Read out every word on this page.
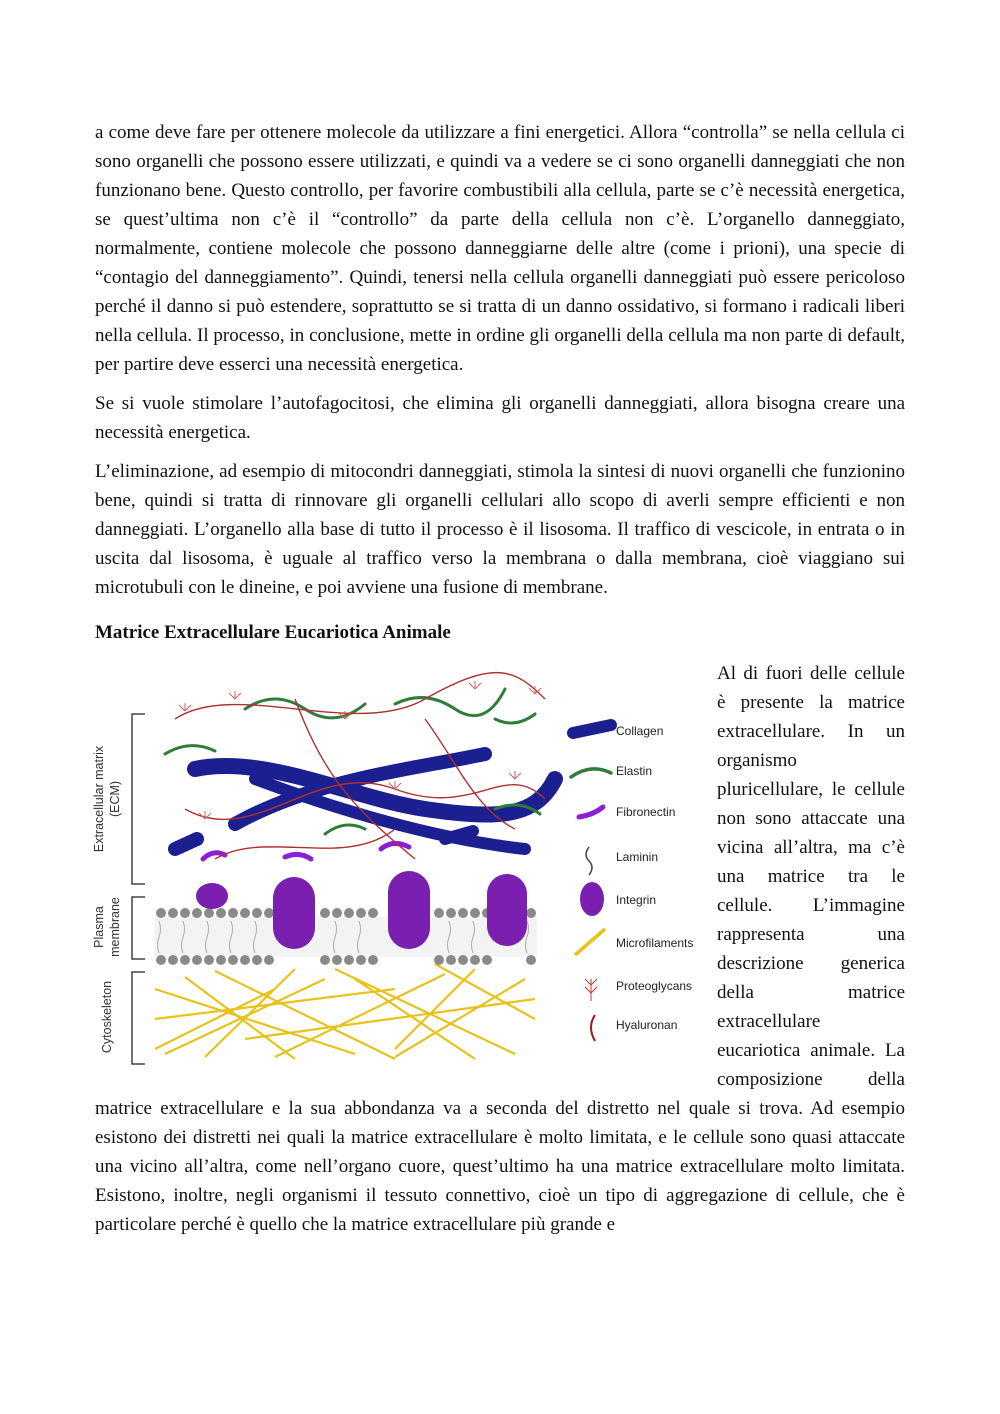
a come deve fare per ottenere molecole da utilizzare a fini energetici. Allora “controlla” se nella cellula ci sono organelli che possono essere utilizzati, e quindi va a vedere se ci sono organelli danneggiati che non funzionano bene. Questo controllo, per favorire combustibili alla cellula, parte se c’è necessità energetica, se quest’ultima non c’è il “controllo” da parte della cellula non c’è. L’organello danneggiato, normalmente, contiene molecole che possono danneggiarne delle altre (come i prioni), una specie di “contagio del danneggiamento”. Quindi, tenersi nella cellula organelli danneggiati può essere pericoloso perché il danno si può estendere, soprattutto se si tratta di un danno ossidativo, si formano i radicali liberi nella cellula. Il processo, in conclusione, mette in ordine gli organelli della cellula ma non parte di default, per partire deve esserci una necessità energetica.

Se si vuole stimolare l’autofagocitosi, che elimina gli organelli danneggiati, allora bisogna creare una necessità energetica.

L’eliminazione, ad esempio di mitocondri danneggiati, stimola la sintesi di nuovi organelli che funzionino bene, quindi si tratta di rinnovare gli organelli cellulari allo scopo di averli sempre efficienti e non danneggiati. L’organello alla base di tutto il processo è il lisosoma. Il traffico di vescicole, in entrata o in uscita dal lisosoma, è uguale al traffico verso la membrana o dalla membrana, cioè viaggiano sui microtubuli con le dineine, e poi avviene una fusione di membrane.

Matrice Extracellulare Eucariotica Animale
Extracellular matrix (ECM)
Plasma membrane
Cytoskeleton
Collagen
Elastin
Fibronectin
Laminin
Integrin
Microfilaments
Proteoglycans
Hyaluronan

Al di fuori delle cellule è presente la matrice extracellulare. In un organismo pluricellulare, le cellule non sono attaccate una vicina all’altra, ma c’è una matrice tra le cellule. L’immagine rappresenta una descrizione generica della matrice extracellulare eucariotica animale. La composizione della matrice extracellulare e la sua abbondanza va a seconda del distretto nel quale si trova. Ad esempio esistono dei distretti nei quali la matrice extracellulare è molto limitata, e le cellule sono quasi attaccate una vicino all’altra, come nell’organo cuore, quest’ultimo ha una matrice extracellulare molto limitata. Esistono, inoltre, negli organismi il tessuto connettivo, cioè un tipo di aggregazione di cellule, che è particolare perché è quello che la matrice extracellulare più grande e
